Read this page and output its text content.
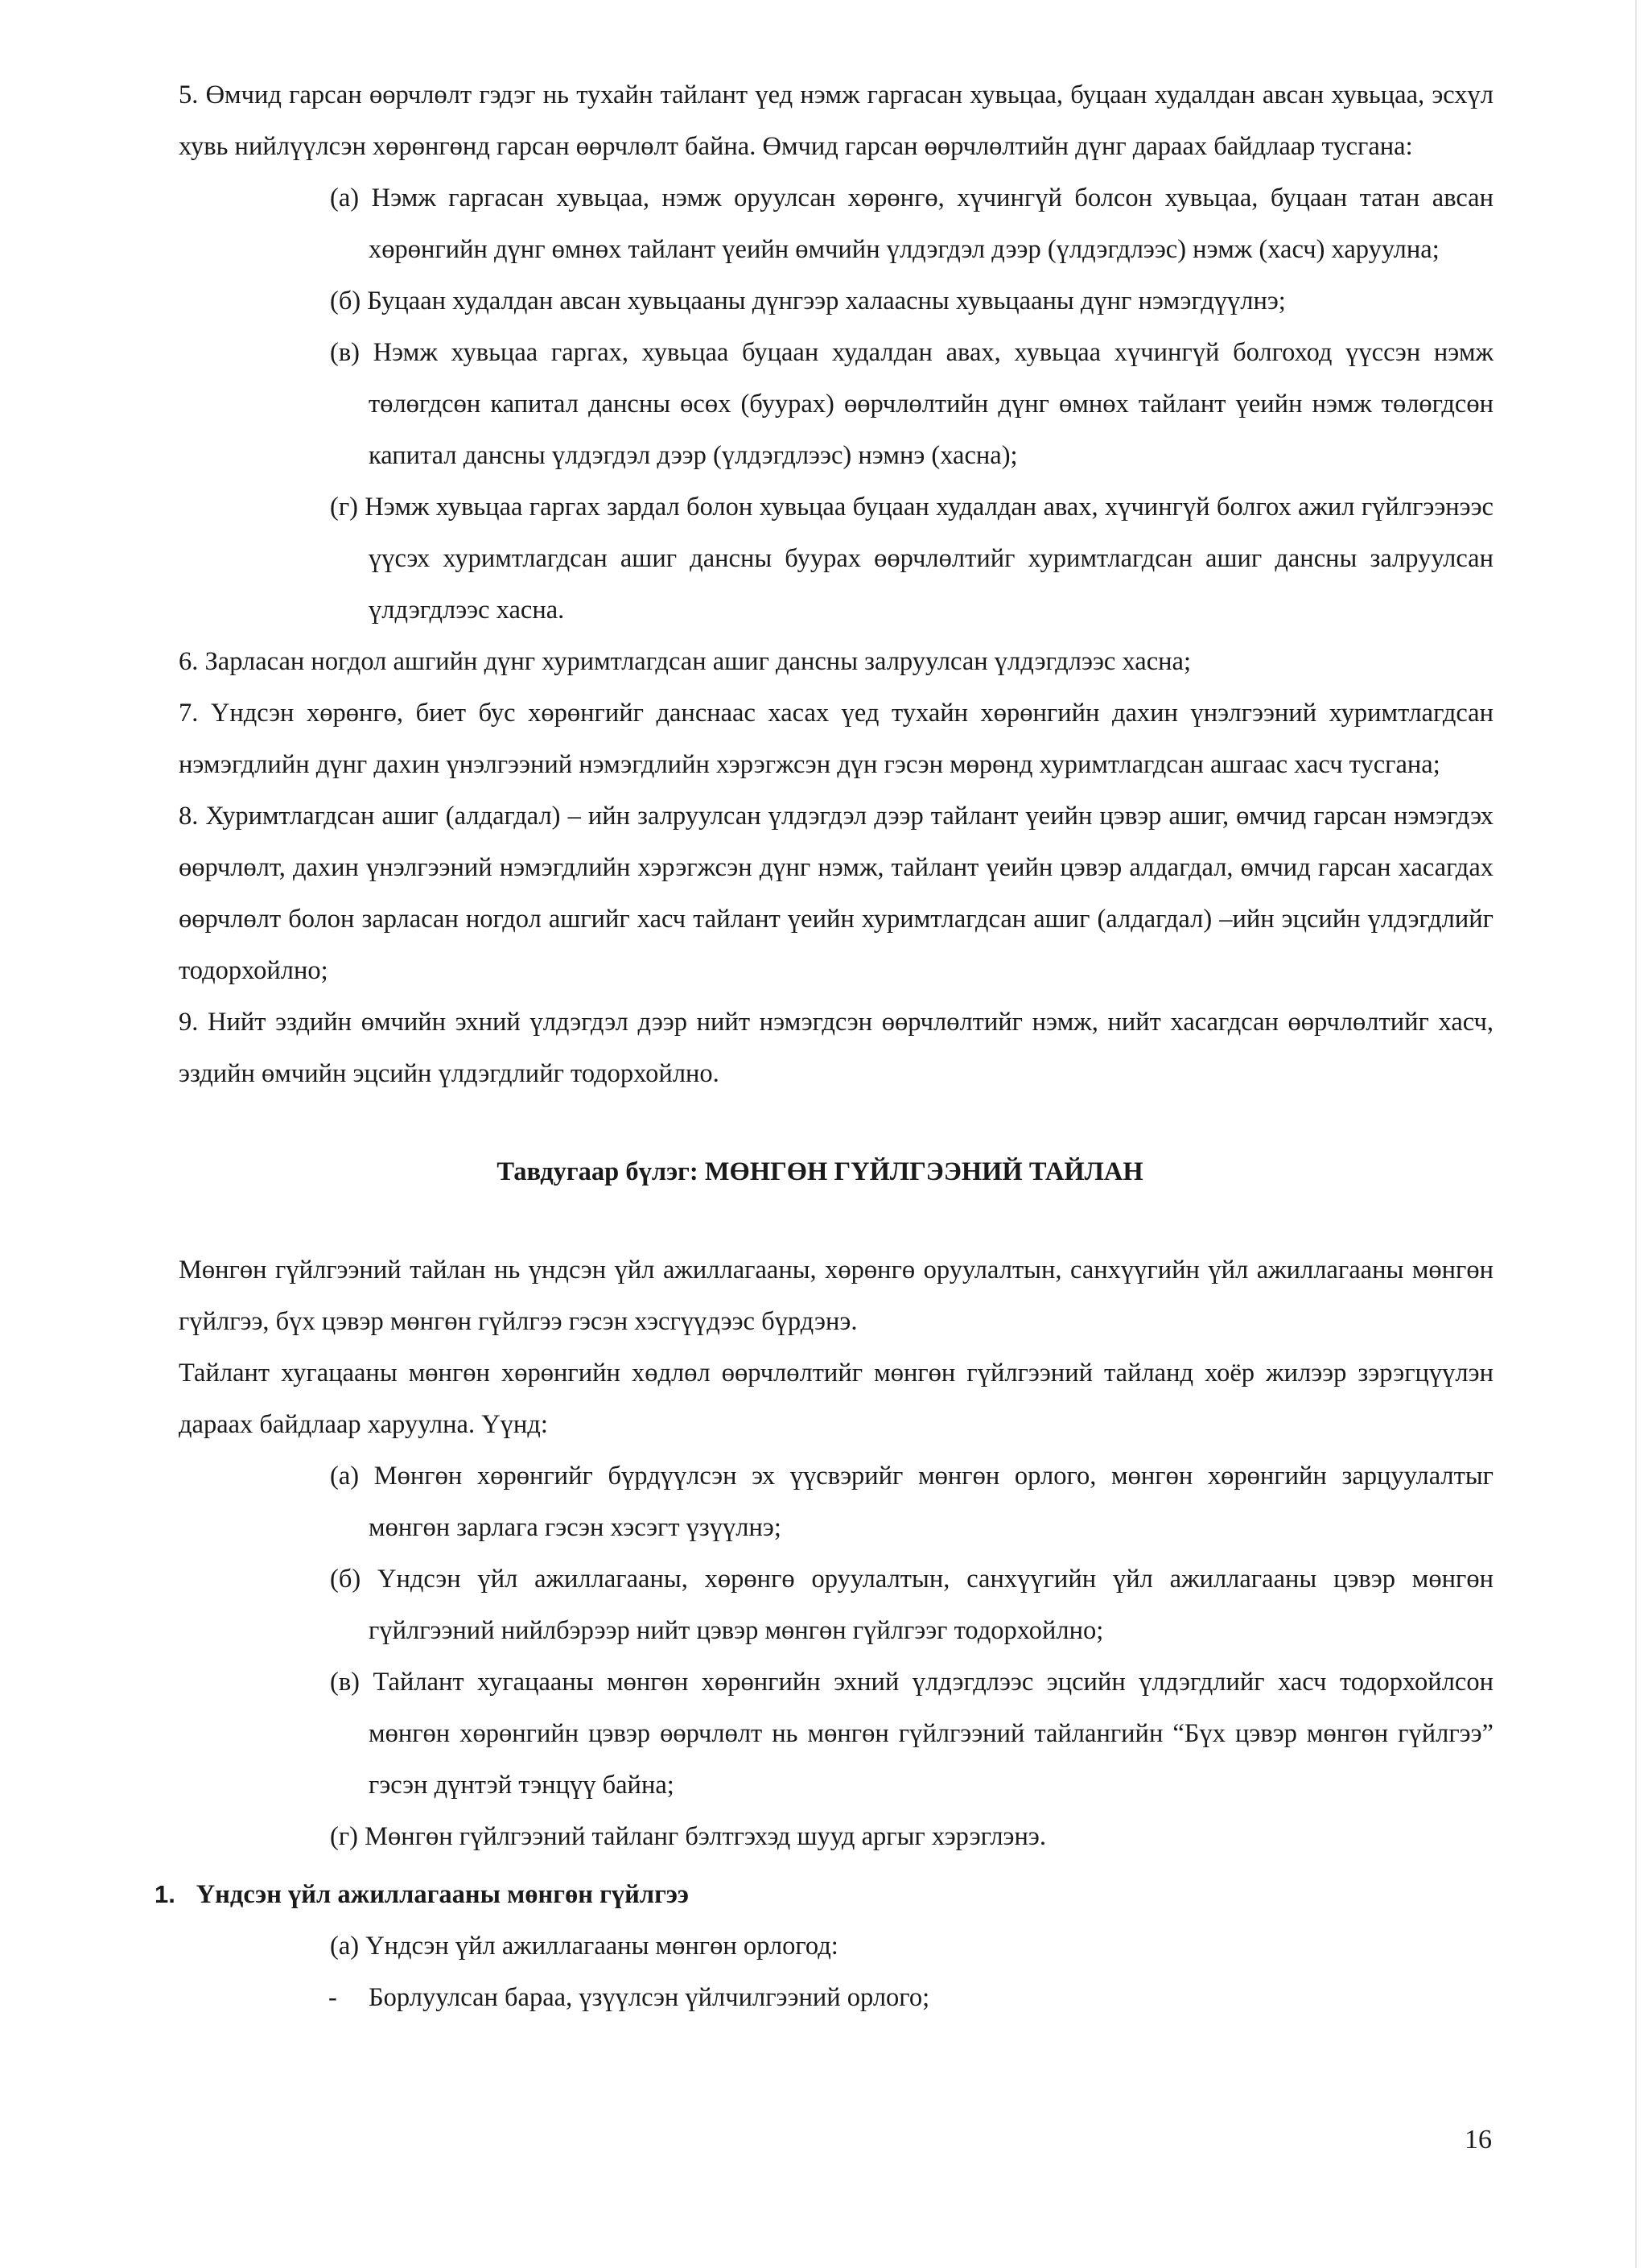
5. Өмчид гарсан өөрчлөлт гэдэг нь тухайн тайлант үед нэмж гаргасан хувьцаа, буцаан худалдан авсан хувьцаа, эсхүл хувь нийлүүлсэн хөрөнгөнд гарсан өөрчлөлт байна. Өмчид гарсан өөрчлөлтийн дүнг дараах байдлаар тусгана:

(а) Нэмж гаргасан хувьцаа, нэмж оруулсан хөрөнгө, хүчингүй болсон хувьцаа, буцаан татан авсан хөрөнгийн дүнг өмнөх тайлант үеийн өмчийн үлдэгдэл дээр (үлдэгдлээс) нэмж (хасч) харуулна;

(б) Буцаан худалдан авсан хувьцааны дүнгээр халаасны хувьцааны дүнг нэмэгдүүлнэ;

(в) Нэмж хувьцаа гаргах, хувьцаа буцаан худалдан авах, хувьцаа хүчингүй болгоход үүссэн нэмж төлөгдсөн капитал дансны өсөх (буурах) өөрчлөлтийн дүнг өмнөх тайлант үеийн нэмж төлөгдсөн капитал дансны үлдэгдэл дээр (үлдэгдлээс) нэмнэ (хасна);

(г) Нэмж хувьцаа гаргах зардал болон хувьцаа буцаан худалдан авах, хүчингүй болгох ажил гүйлгээнээс үүсэх хуримтлагдсан ашиг дансны буурах өөрчлөлтийг хуримтлагдсан ашиг дансны залруулсан үлдэгдлээс хасна.

6. Зарласан ногдол ашгийн дүнг хуримтлагдсан ашиг дансны залруулсан үлдэгдлээс хасна;

7. Үндсэн хөрөнгө, биет бус хөрөнгийг данснаас хасах үед тухайн хөрөнгийн дахин үнэлгээний хуримтлагдсан нэмэгдлийн дүнг дахин үнэлгээний нэмэгдлийн хэрэгжсэн дүн гэсэн мөрөнд хуримтлагдсан ашгаас хасч тусгана;

8. Хуримтлагдсан ашиг (алдагдал) – ийн залруулсан үлдэгдэл дээр тайлант үеийн цэвэр ашиг, өмчид гарсан нэмэгдэх өөрчлөлт, дахин үнэлгээний нэмэгдлийн хэрэгжсэн дүнг нэмж, тайлант үеийн цэвэр алдагдал, өмчид гарсан хасагдах өөрчлөлт болон зарласан ногдол ашгийг хасч тайлант үеийн хуримтлагдсан ашиг (алдагдал) –ийн эцсийн үлдэгдлийг тодорхойлно;

9. Нийт эздийн өмчийн эхний үлдэгдэл дээр нийт нэмэгдсэн өөрчлөлтийг нэмж, нийт хасагдсан өөрчлөлтийг хасч, эздийн өмчийн эцсийн үлдэгдлийг тодорхойлно.

Тавдугаар бүлэг: МӨНГӨН ГҮЙЛГЭЭНИЙ ТАЙЛАН

Мөнгөн гүйлгээний тайлан нь үндсэн үйл ажиллагааны, хөрөнгө оруулалтын, санхүүгийн үйл ажиллагааны мөнгөн гүйлгээ, бүх цэвэр мөнгөн гүйлгээ гэсэн хэсгүүдээс бүрдэнэ.

Тайлант хугацааны мөнгөн хөрөнгийн хөдлөл өөрчлөлтийг мөнгөн гүйлгээний тайланд хоёр жилээр зэрэгцүүлэн дараах байдлаар харуулна. Үүнд:

(а) Мөнгөн хөрөнгийг бүрдүүлсэн эх үүсвэрийг мөнгөн орлого, мөнгөн хөрөнгийн зарцуулалтыг мөнгөн зарлага гэсэн хэсэгт үзүүлнэ;

(б) Үндсэн үйл ажиллагааны, хөрөнгө оруулалтын, санхүүгийн үйл ажиллагааны цэвэр мөнгөн гүйлгээний нийлбэрээр нийт цэвэр мөнгөн гүйлгээг тодорхойлно;

(в) Тайлант хугацааны мөнгөн хөрөнгийн эхний үлдэгдлээс эцсийн үлдэгдлийг хасч тодорхойлсон мөнгөн хөрөнгийн цэвэр өөрчлөлт нь мөнгөн гүйлгээний тайлангийн “Бүх цэвэр мөнгөн гүйлгээ” гэсэн дүнтэй тэнцүү байна;

(г) Мөнгөн гүйлгээний тайланг бэлтгэхэд шууд аргыг хэрэглэнэ.

1. Үндсэн үйл ажиллагааны мөнгөн гүйлгээ

(а) Үндсэн үйл ажиллагааны мөнгөн орлогод:

-	Борлуулсан бараа, үзүүлсэн үйлчилгээний орлого;
16
